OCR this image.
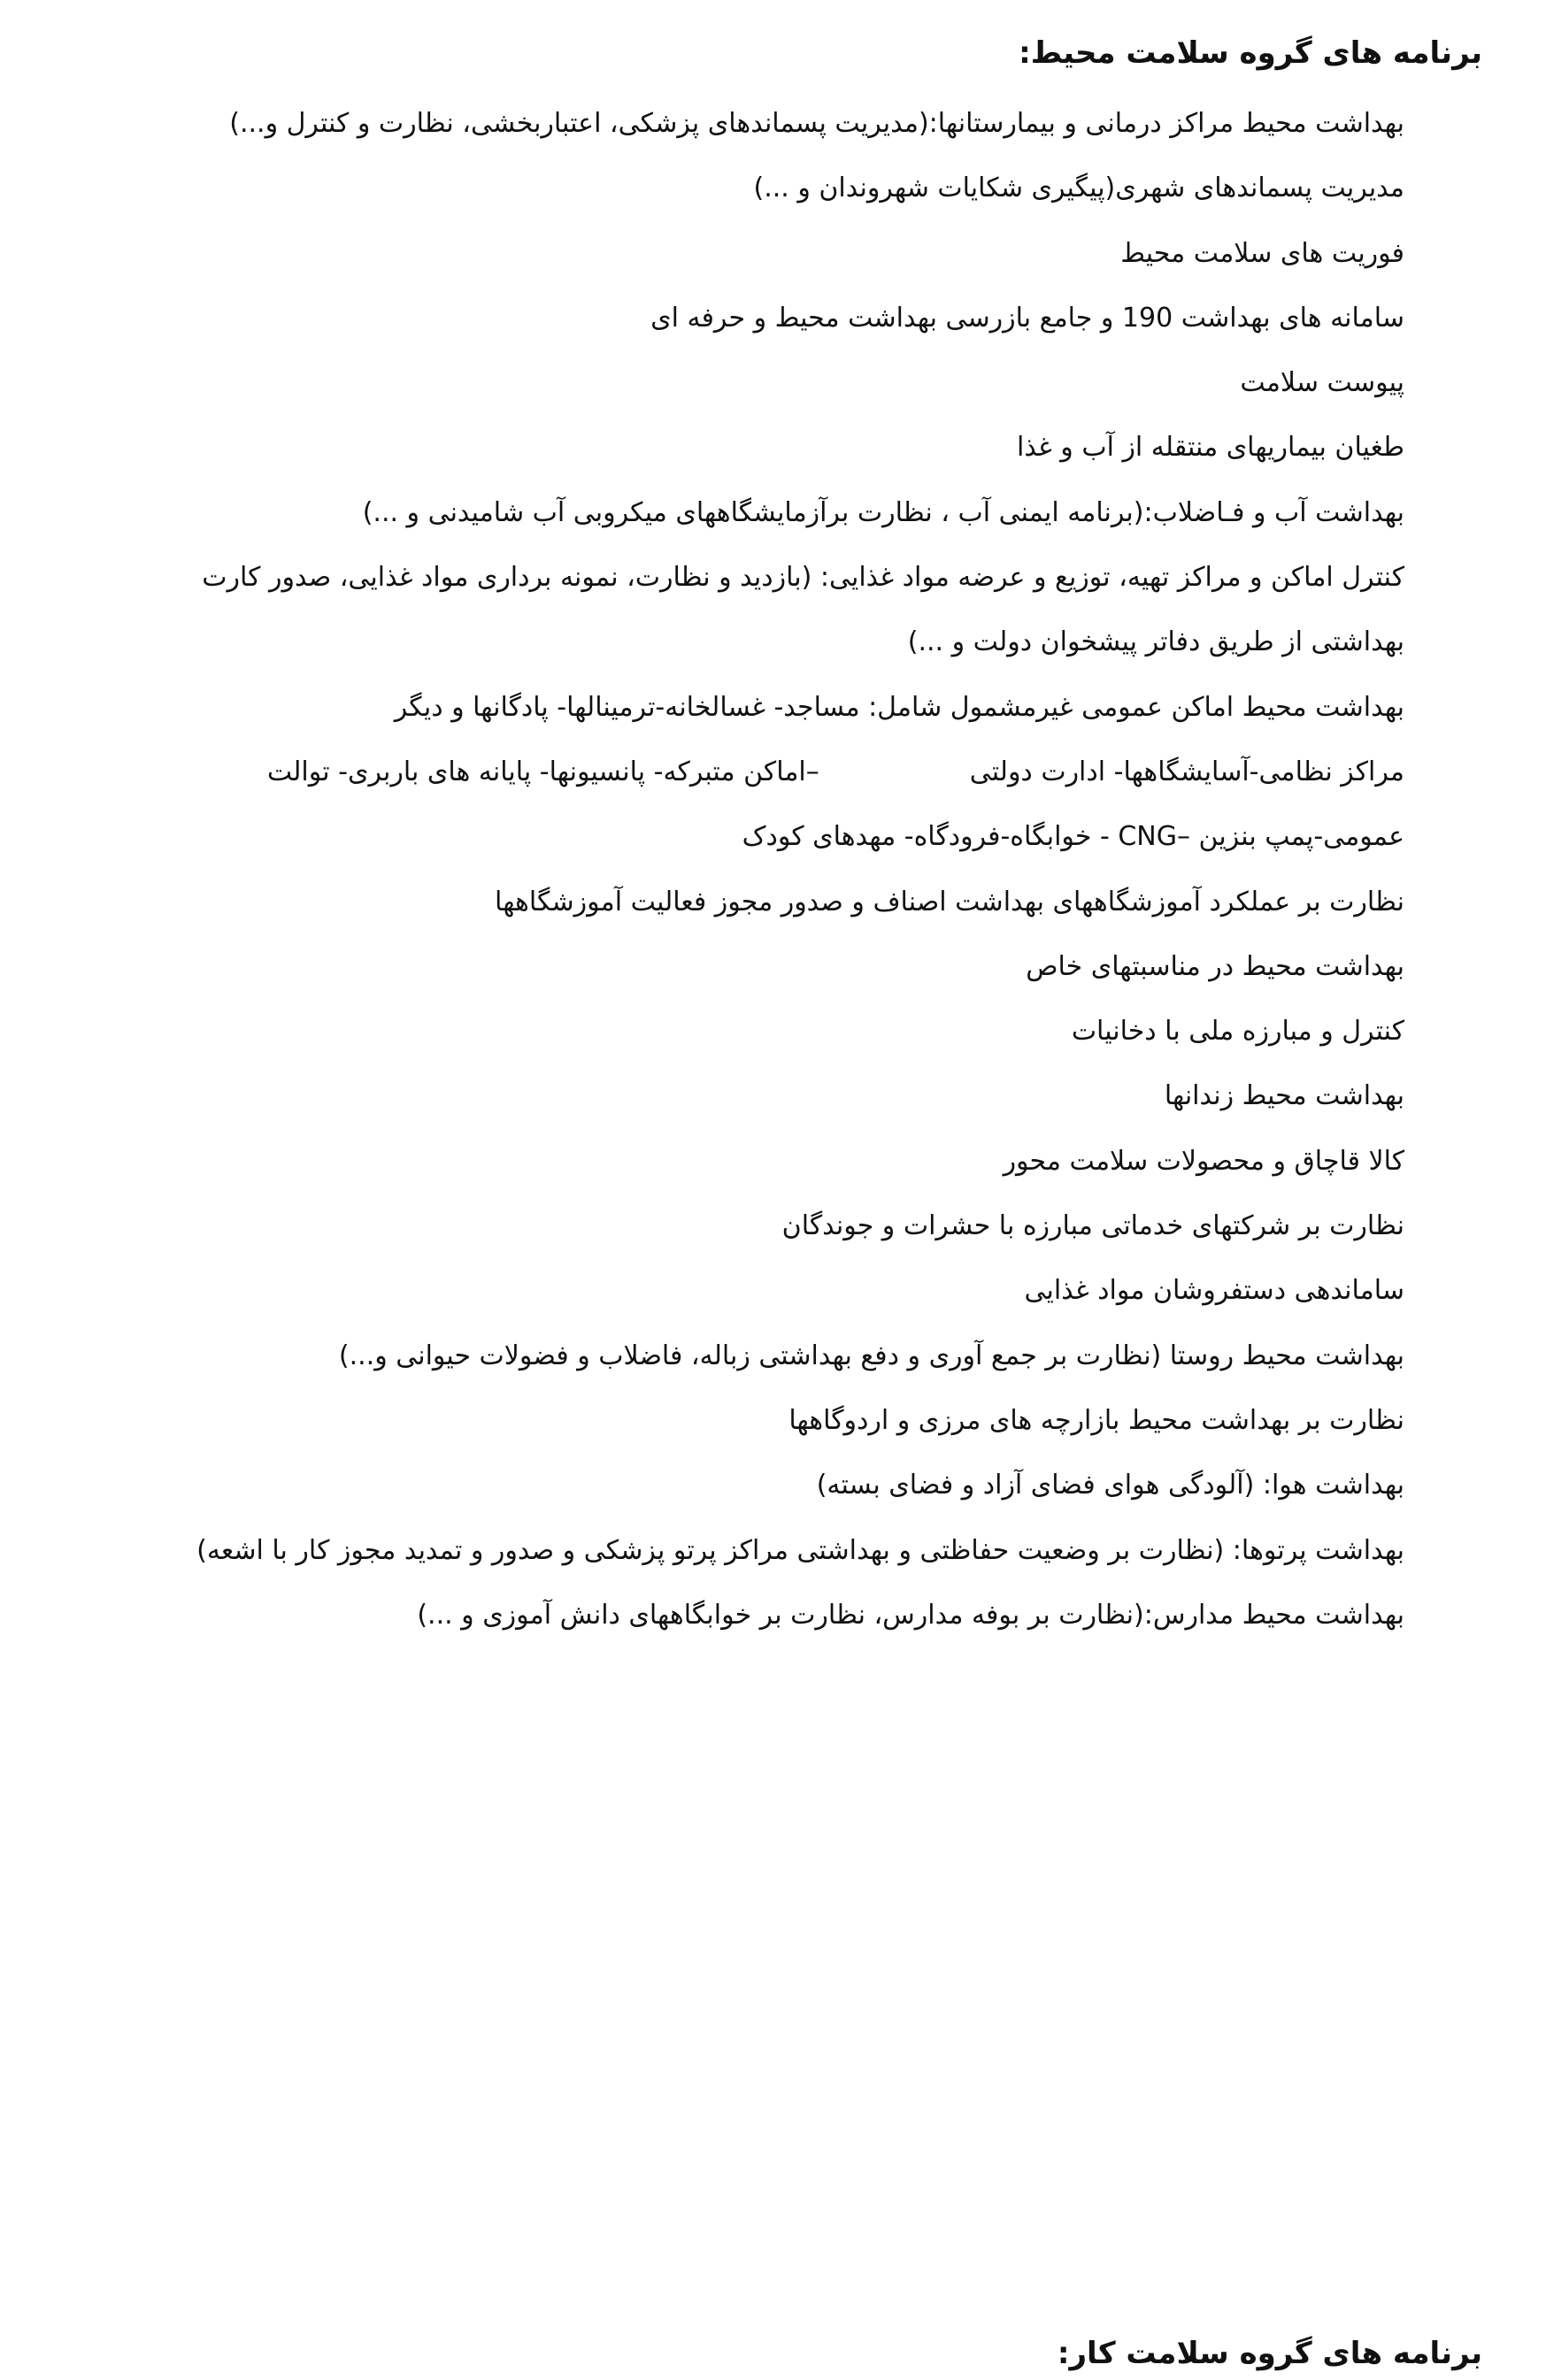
برنامه های گروه سلامت محیط:
بهداشت محیط مراکز درمانی و بیمارستانها:(مدیریت پسماندهای پزشکی، اعتباربخشی، نظارت و کنترل و...)
مدیریت پسماندهای شهری(پیگیری شکایات شهروندان و ...)
فوریت های سلامت محیط
سامانه های بهداشت 190 و جامع بازرسی بهداشت محیط و حرفه ای
پیوست سلامت
طغیان بیماریهای منتقله از آب و غذا
بهداشت آب و فـاضلاب:(برنامه ایمنی آب ، نظارت برآزمایشگاههای میکروبی آب شامیدنی و ...)
کنترل اماکن و مراکز تهیه، توزیع و عرضه مواد غذایی: (بازدید و نظارت، نمونه برداری مواد غذایی، صدور کارت بهداشتی از طریق دفاتر پیشخوان دولت و ...)
بهداشت محیط اماکن عمومی غیرمشمول شامل: مساجد- غسالخانه-ترمینالها- پادگانها و دیگر
مراکز نظامی-آسایشگاهها- ادارت دولتی–اماکن متبرکه- پانسیونها- پایانه های باربری- توالت
عمومی-پمپ بنزین –CNG - خوابگاه-فرودگاه- مهدهای کودک
نظارت بر عملکرد آموزشگاههای بهداشت اصناف و صدور مجوز فعالیت آموزشگاهها
بهداشت محیط در مناسبتهای خاص
کنترل و مبارزه ملی با دخانیات
بهداشت محیط زندانها
کالا قاچاق و محصولات سلامت محور
نظارت بر شرکتهای خدماتی مبارزه با حشرات و جوندگان
ساماندهی دستفروشان مواد غذایی
بهداشت محیط روستا (نظارت بر جمع آوری و دفع بهداشتی زباله، فاضلاب و فضولات حیوانی و...)
نظارت بر بهداشت محیط بازارچه های مرزی و اردوگاهها
بهداشت هوا: (آلودگی هوای فضای آزاد و فضای بسته)
بهداشت پرتوها: (نظارت بر وضعیت حفاظتی و بهداشتی مراکز پرتو پزشکی و صدور و تمدید مجوز کار با اشعه)
بهداشت محیط مدارس:(نظارت بر بوفه مدارس، نظارت بر خوابگاههای دانش آموزی و ...)
برنامه های گروه سلامت کار:
